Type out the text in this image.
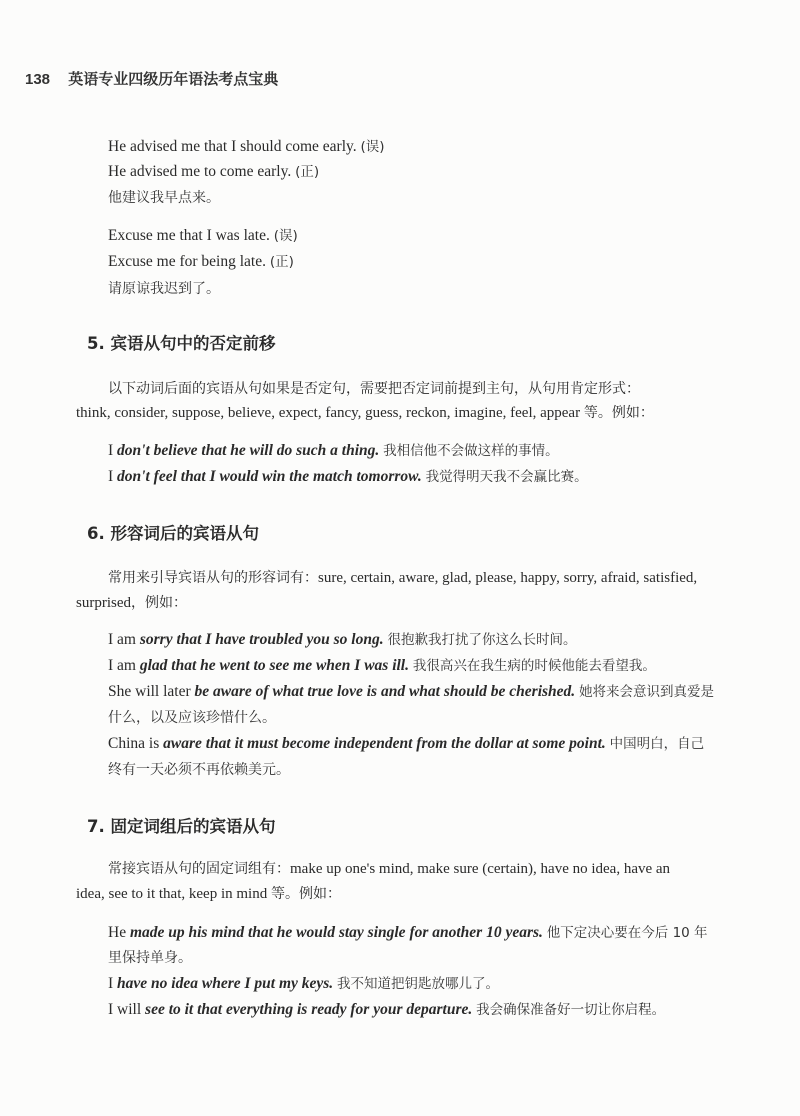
138 英语专业四级历年语法考点宝典
He advised me that I should come early. (误)
He advised me to come early. (正)
他建议我早点来。
Excuse me that I was late. (误)
Excuse me for being late. (正)
请原谅我迟到了。
5. 宾语从句中的否定前移
以下动词后面的宾语从句如果是否定句，需要把否定词前提到主句，从句用肯定形式：
think, consider, suppose, believe, expect, fancy, guess, reckon, imagine, feel, appear 等。例如：
I don't believe that he will do such a thing. 我相信他不会做这样的事情。
I don't feel that I would win the match tomorrow. 我觉得明天我不会赢比赛。
6. 形容词后的宾语从句
常用来引导宾语从句的形容词有：sure, certain, aware, glad, please, happy, sorry, afraid, satisfied,
surprised，例如：
I am sorry that I have troubled you so long. 很抱歉我打扰了你这么长时间。
I am glad that he went to see me when I was ill. 我很高兴在我生病的时候他能去看望我。
She will later be aware of what true love is and what should be cherished. 她将来会意识到真爱是
什么，以及应该珍惜什么。
China is aware that it must become independent from the dollar at some point. 中国明白，自己
终有一天必须不再依赖美元。
7. 固定词组后的宾语从句
常接宾语从句的固定词组有：make up one's mind, make sure (certain), have no idea, have an
idea, see to it that, keep in mind 等。例如：
He made up his mind that he would stay single for another 10 years. 他下定决心要在今后 10 年
里保持单身。
I have no idea where I put my keys. 我不知道把钥匙放哪儿了。
I will see to it that everything is ready for your departure. 我会确保准备好一切让你启程。
